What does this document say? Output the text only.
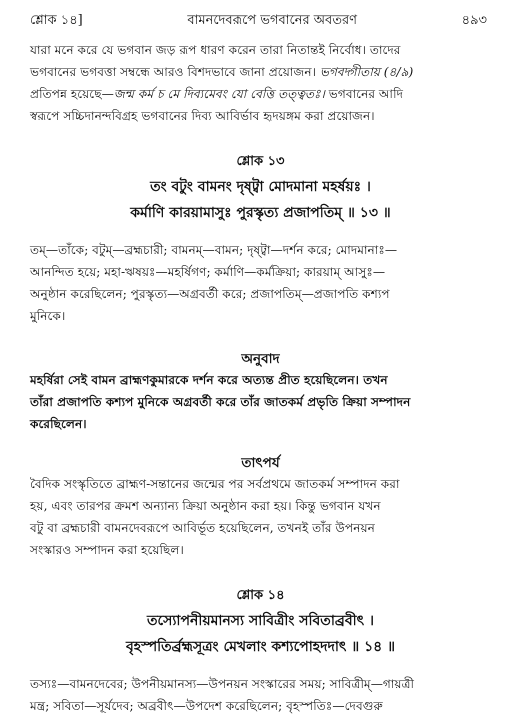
শ্লোক ১৪]	বামনদেবরূপে ভগবানের অবতরণ	৪৯৩
যারা মনে করে যে ভগবান জড় রূপ ধারণ করেন তারা নিতান্তই নির্বোধ। তাদের
ভগবানের ভগবত্তা সম্বন্ধে আরও বিশদভাবে জানা প্রয়োজন। ভগবদ্গীতায় (৪/৯)
প্রতিপন্ন হয়েছে—জন্ম কর্ম চ মে দিব্যমেবং যো বেত্তি তত্ত্বতঃ। ভগবানের আদি
স্বরূপে সচ্চিদানন্দবিগ্রহ ভগবানের দিব্য আবির্ভাব হৃদয়ঙ্গম করা প্রয়োজন।
শ্লোক ১৩
তং বটুং বামনং দৃষ্ট্বা মোদমানা মহর্ষয়ঃ ।
কর্মাণি কারয়ামাসুঃ পুরস্কৃত্য প্রজাপতিম্‌ ॥ ১৩ ॥
তম্‌—তাঁকে; বটুম্‌—ব্রহ্মচারী; বামনম্‌—বামন; দৃষ্ট্বা—দর্শন করে; মোদমানাঃ—
আনন্দিত হয়ে; মহা-ঋষয়ঃ—মহর্ষিগণ; কর্মাণি—কর্মক্রিয়া; কারয়াম্‌ আসুঃ—
অনুষ্ঠান করেছিলেন; পুরস্কৃত্য—অগ্রবর্তী করে; প্রজাপতিম্‌—প্রজাপতি কশ্যপ
মুনিকে।
অনুবাদ
মহর্ষিরা সেই বামন ব্রাহ্মণকুমারকে দর্শন করে অত্যন্ত প্রীত হয়েছিলেন। তখন
তাঁরা প্রজাপতি কশ্যপ মুনিকে অগ্রবর্তী করে তাঁর জাতকর্ম প্রভৃতি ক্রিয়া সম্পাদন
করেছিলেন।
তাৎপর্য
বৈদিক সংস্কৃতিতে ব্রাহ্মণ-সন্তানের জন্মের পর সর্বপ্রথমে জাতকর্ম সম্পাদন করা
হয়, এবং তারপর ক্রমশ অন্যান্য ক্রিয়া অনুষ্ঠান করা হয়। কিন্তু ভগবান যখন
বটু বা ব্রহ্মচারী বামনদেবরূপে আবির্ভূত হয়েছিলেন, তখনই তাঁর উপনয়ন
সংস্কারও সম্পাদন করা হয়েছিল।
শ্লোক ১৪
তস্যোপনীয়মানস্য সাবিত্রীং সবিতাব্রবীৎ ।
বৃহস্পতির্ব্রহ্মসূত্রং মেখলাং কশ্যপোহদদাৎ ॥ ১৪ ॥
তস্যঃ—বামনদেবের; উপনীয়মানস্য—উপনয়ন সংস্কারের সময়; সাবিত্রীম্‌—গায়ত্রী
মন্ত্র; সবিতা—সূর্যদেব; অব্রবীৎ—উপদেশ করেছিলেন; বৃহস্পতিঃ—দেবগুরু
